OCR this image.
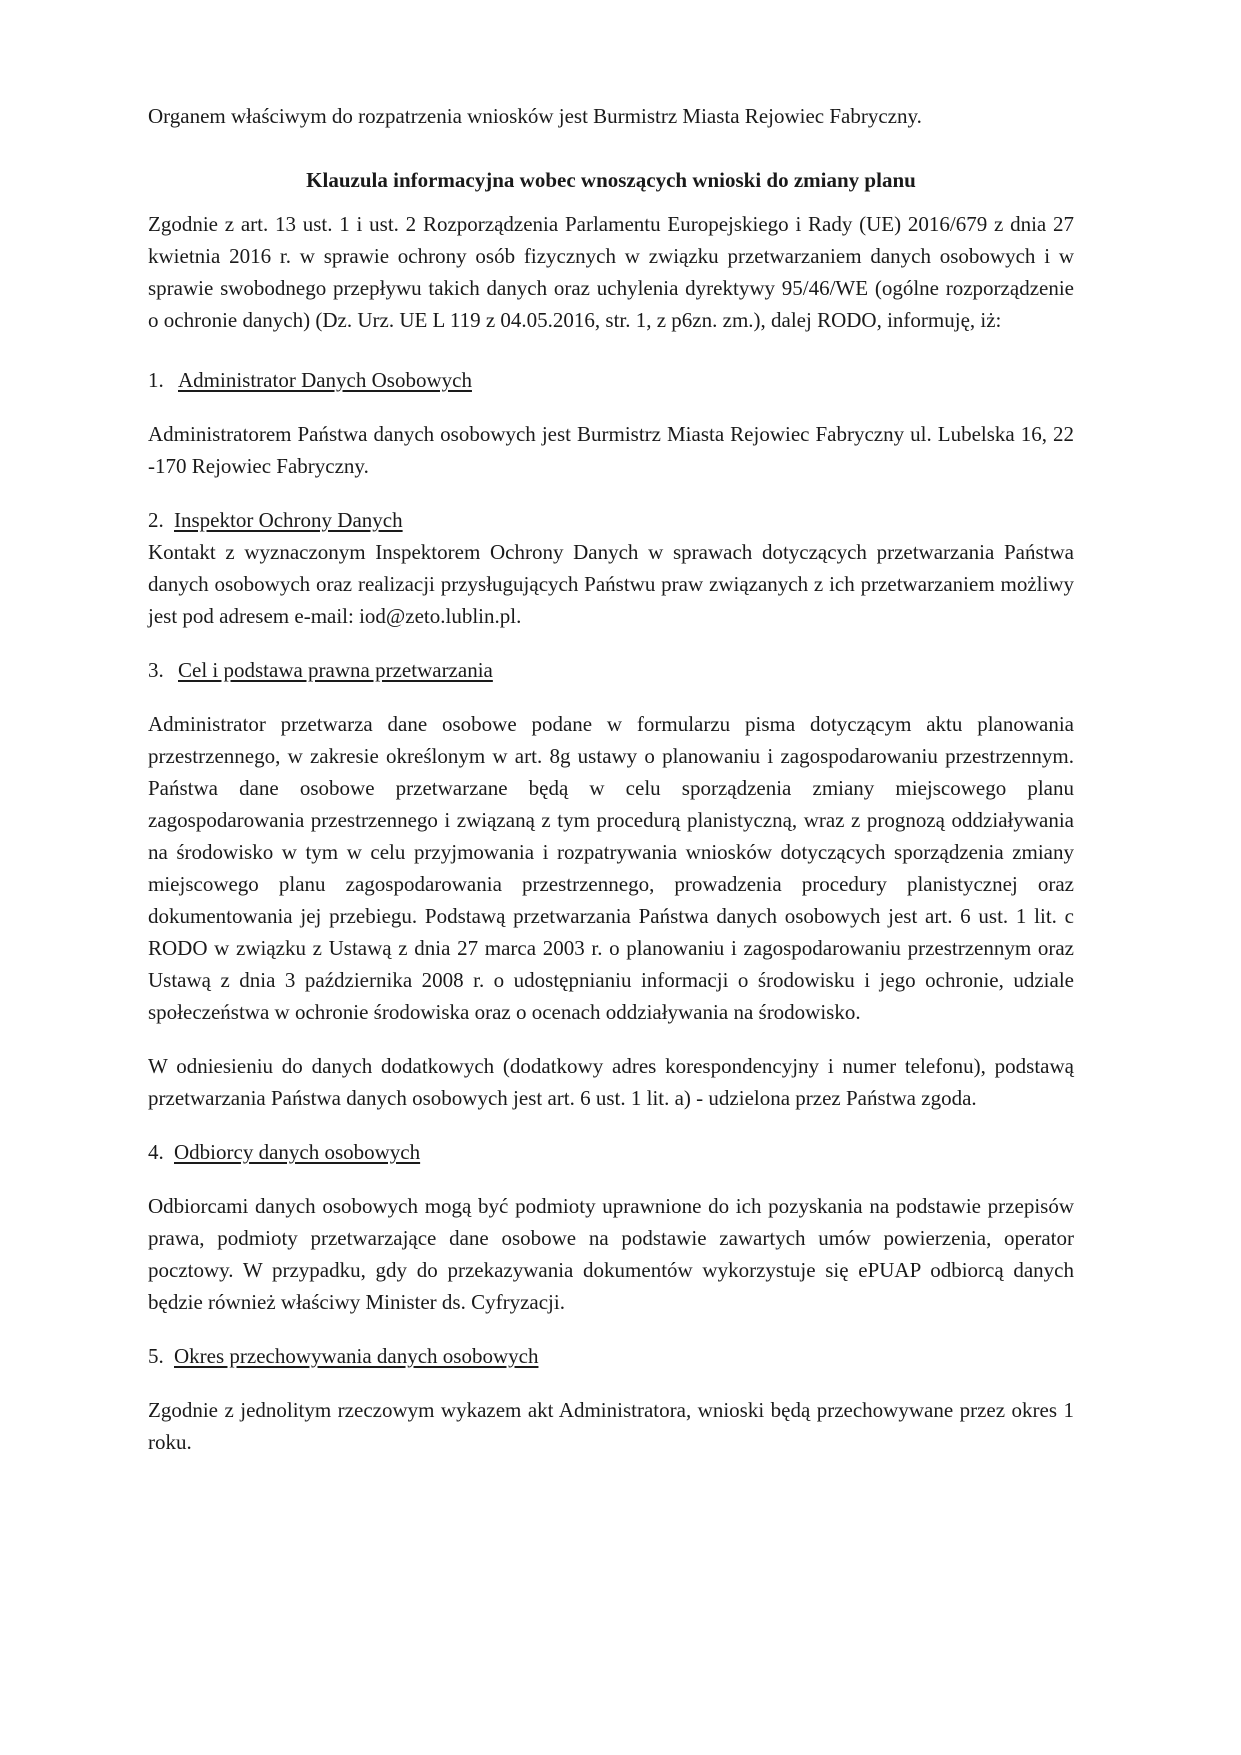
Organem właściwym do rozpatrzenia wniosków jest Burmistrz Miasta Rejowiec Fabryczny.

Klauzula informacyjna wobec wnoszących wnioski do zmiany planu

Zgodnie z art. 13 ust. 1 i ust. 2 Rozporządzenia Parlamentu Europejskiego i Rady (UE) 2016/679 z dnia 27 kwietnia 2016 r. w sprawie ochrony osób fizycznych w związku przetwarzaniem danych osobowych i w sprawie swobodnego przepływu takich danych oraz uchylenia dyrektywy 95/46/WE (ogólne rozporządzenie o ochronie danych) (Dz. Urz. UE L 119 z 04.05.2016, str. 1, z p6zn. zm.), dalej RODO, informuję, iż:

1. Administrator Danych Osobowych

Administratorem Państwa danych osobowych jest Burmistrz Miasta Rejowiec Fabryczny ul. Lubelska 16, 22 -170 Rejowiec Fabryczny.

2. Inspektor Ochrony Danych

Kontakt z wyznaczonym Inspektorem Ochrony Danych w sprawach dotyczących przetwarzania Państwa danych osobowych oraz realizacji przysługujących Państwu praw związanych z ich przetwarzaniem możliwy jest pod adresem e-mail: iod@zeto.lublin.pl.

3. Cel i podstawa prawna przetwarzania

Administrator przetwarza dane osobowe podane w formularzu pisma dotyczącym aktu planowania przestrzennego, w zakresie określonym w art. 8g ustawy o planowaniu i zagospodarowaniu przestrzennym. Państwa dane osobowe przetwarzane będą w celu sporządzenia zmiany miejscowego planu zagospodarowania przestrzennego i związaną z tym procedurą planistyczną, wraz z prognozą oddziaływania na środowisko w tym w celu przyjmowania i rozpatrywania wniosków dotyczących sporządzenia zmiany miejscowego planu zagospodarowania przestrzennego, prowadzenia procedury planistycznej oraz dokumentowania jej przebiegu. Podstawą przetwarzania Państwa danych osobowych jest art. 6 ust. 1 lit. c RODO w związku z Ustawą z dnia 27 marca 2003 r. o planowaniu i zagospodarowaniu przestrzennym oraz Ustawą z dnia 3 października 2008 r. o udostępnianiu informacji o środowisku i jego ochronie, udziale społeczeństwa w ochronie środowiska oraz o ocenach oddziaływania na środowisko.

W odniesieniu do danych dodatkowych (dodatkowy adres korespondencyjny i numer telefonu), podstawą przetwarzania Państwa danych osobowych jest art. 6 ust. 1 lit. a) - udzielona przez Państwa zgoda.

4. Odbiorcy danych osobowych

Odbiorcami danych osobowych mogą być podmioty uprawnione do ich pozyskania na podstawie przepisów prawa, podmioty przetwarzające dane osobowe na podstawie zawartych umów powierzenia, operator pocztowy. W przypadku, gdy do przekazywania dokumentów wykorzystuje się ePUAP odbiorcą danych będzie również właściwy Minister ds. Cyfryzacji.

5. Okres przechowywania danych osobowych

Zgodnie z jednolitym rzeczowym wykazem akt Administratora, wnioski będą przechowywane przez okres 1 roku.
